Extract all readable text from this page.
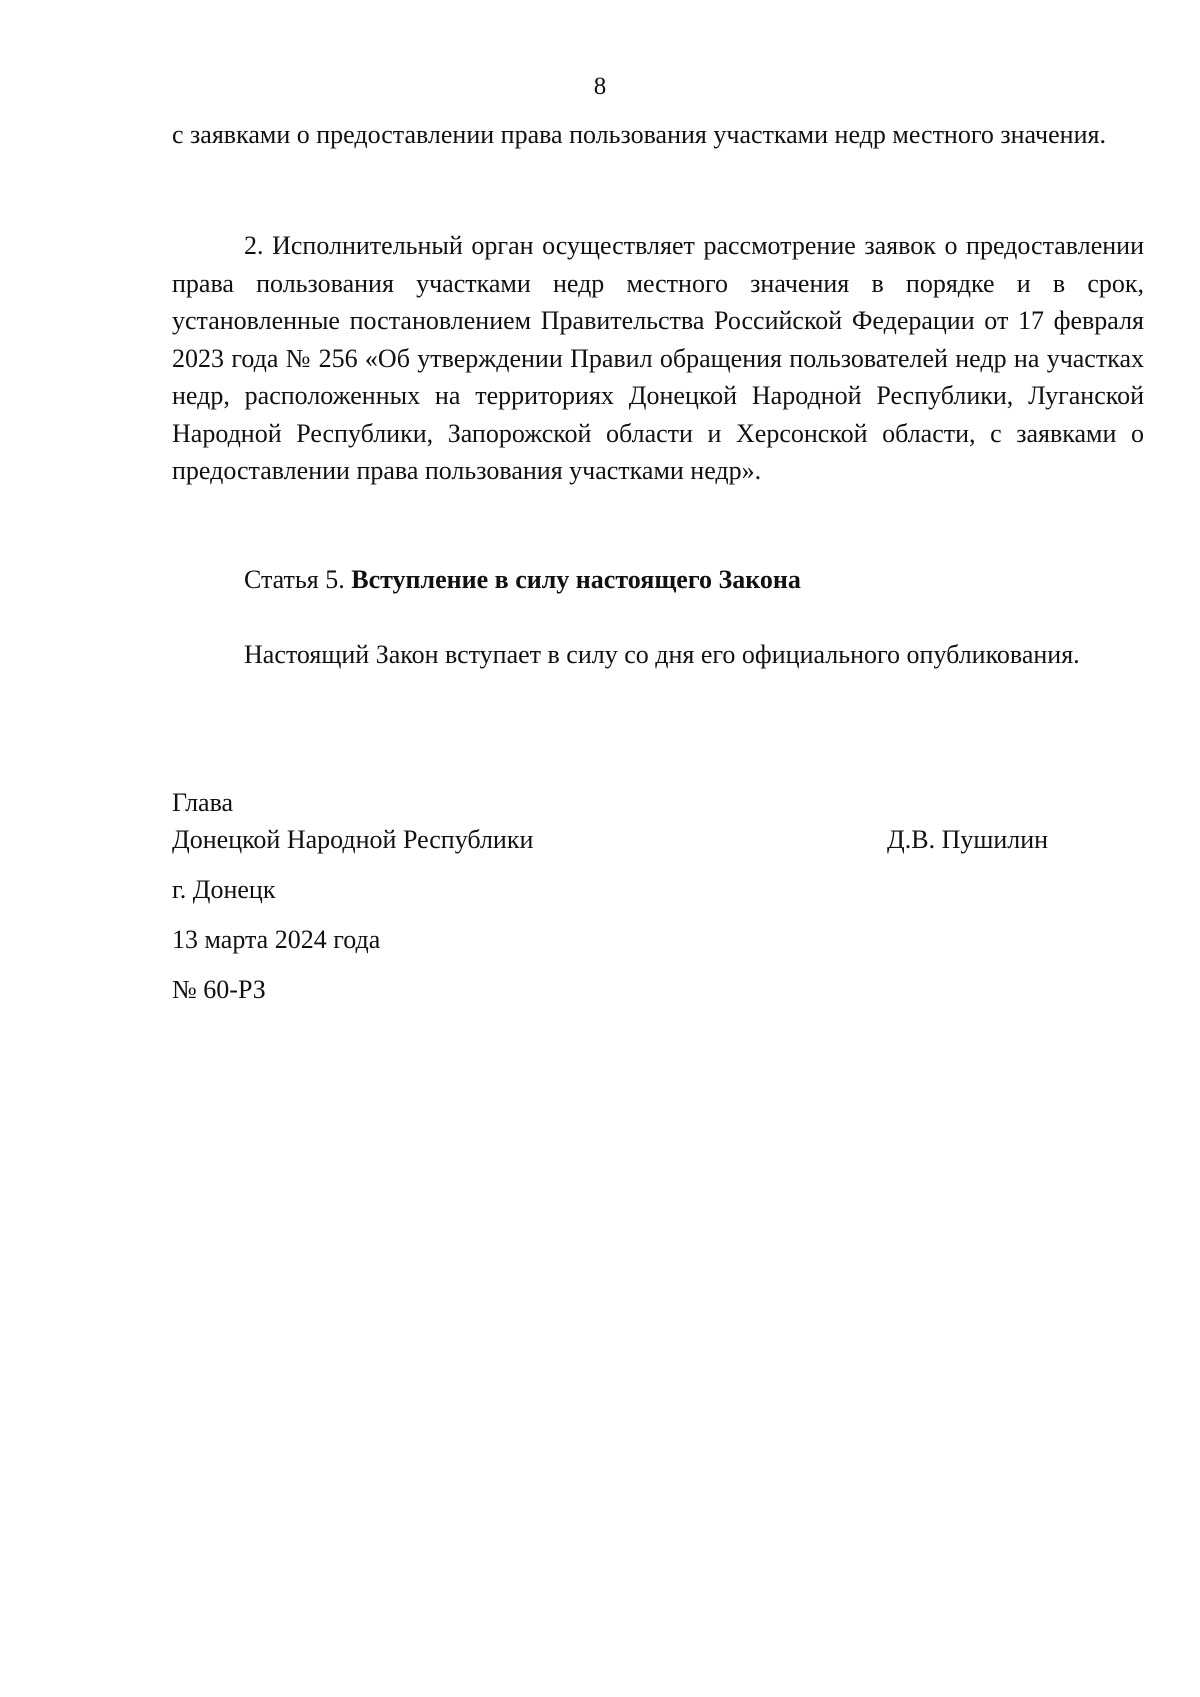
8
с заявками о предоставлении права пользования участками недр местного значения.
2. Исполнительный орган осуществляет рассмотрение заявок о предоставлении права пользования участками недр местного значения в порядке и в срок, установленные постановлением Правительства Российской Федерации от 17 февраля 2023 года № 256 «Об утверждении Правил обращения пользователей недр на участках недр, расположенных на территориях Донецкой Народной Республики, Луганской Народной Республики, Запорожской области и Херсонской области, с заявками о предоставлении права пользования участками недр».
Статья 5. Вступление в силу настоящего Закона
Настоящий Закон вступает в силу со дня его официального опубликования.
Глава
Донецкой Народной Республики	Д.В. Пушилин
г. Донецк
13 марта 2024 года
№ 60-РЗ
